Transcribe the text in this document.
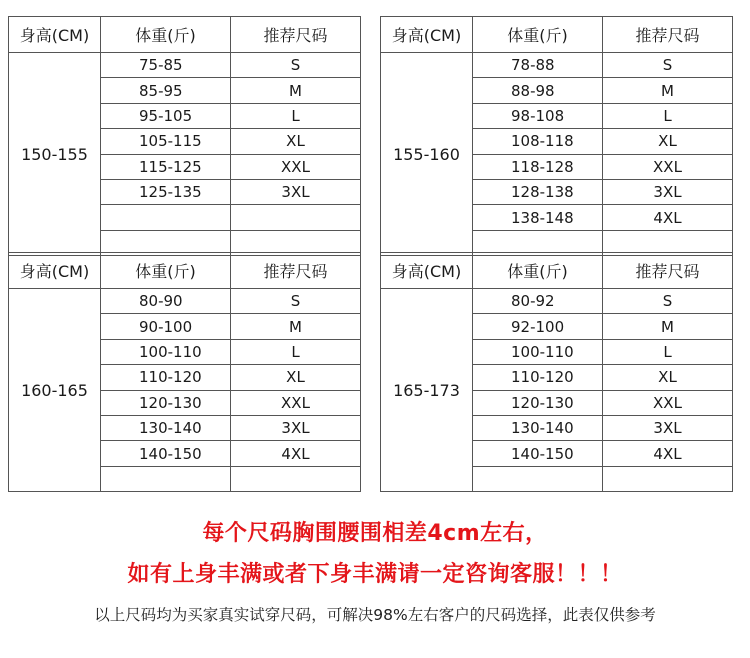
身高(CM)	体重(斤)	推荐尺码
150-155	75-85	S
	85-95	M
	95-105	L
	105-115	XL
	115-125	XXL
	125-135	3XL

身高(CM)	体重(斤)	推荐尺码
155-160	78-88	S
	88-98	M
	98-108	L
	108-118	XL
	118-128	XXL
	128-138	3XL
	138-148	4XL

身高(CM)	体重(斤)	推荐尺码
160-165	80-90	S
	90-100	M
	100-110	L
	110-120	XL
	120-130	XXL
	130-140	3XL
	140-150	4XL

身高(CM)	体重(斤)	推荐尺码
165-173	80-92	S
	92-100	M
	100-110	L
	110-120	XL
	120-130	XXL
	130-140	3XL
	140-150	4XL

每个尺码胸围腰围相差4cm左右，
如有上身丰满或者下身丰满请一定咨询客服！！！
以上尺码均为买家真实试穿尺码，可解决98%左右客户的尺码选择，此表仅供参考
